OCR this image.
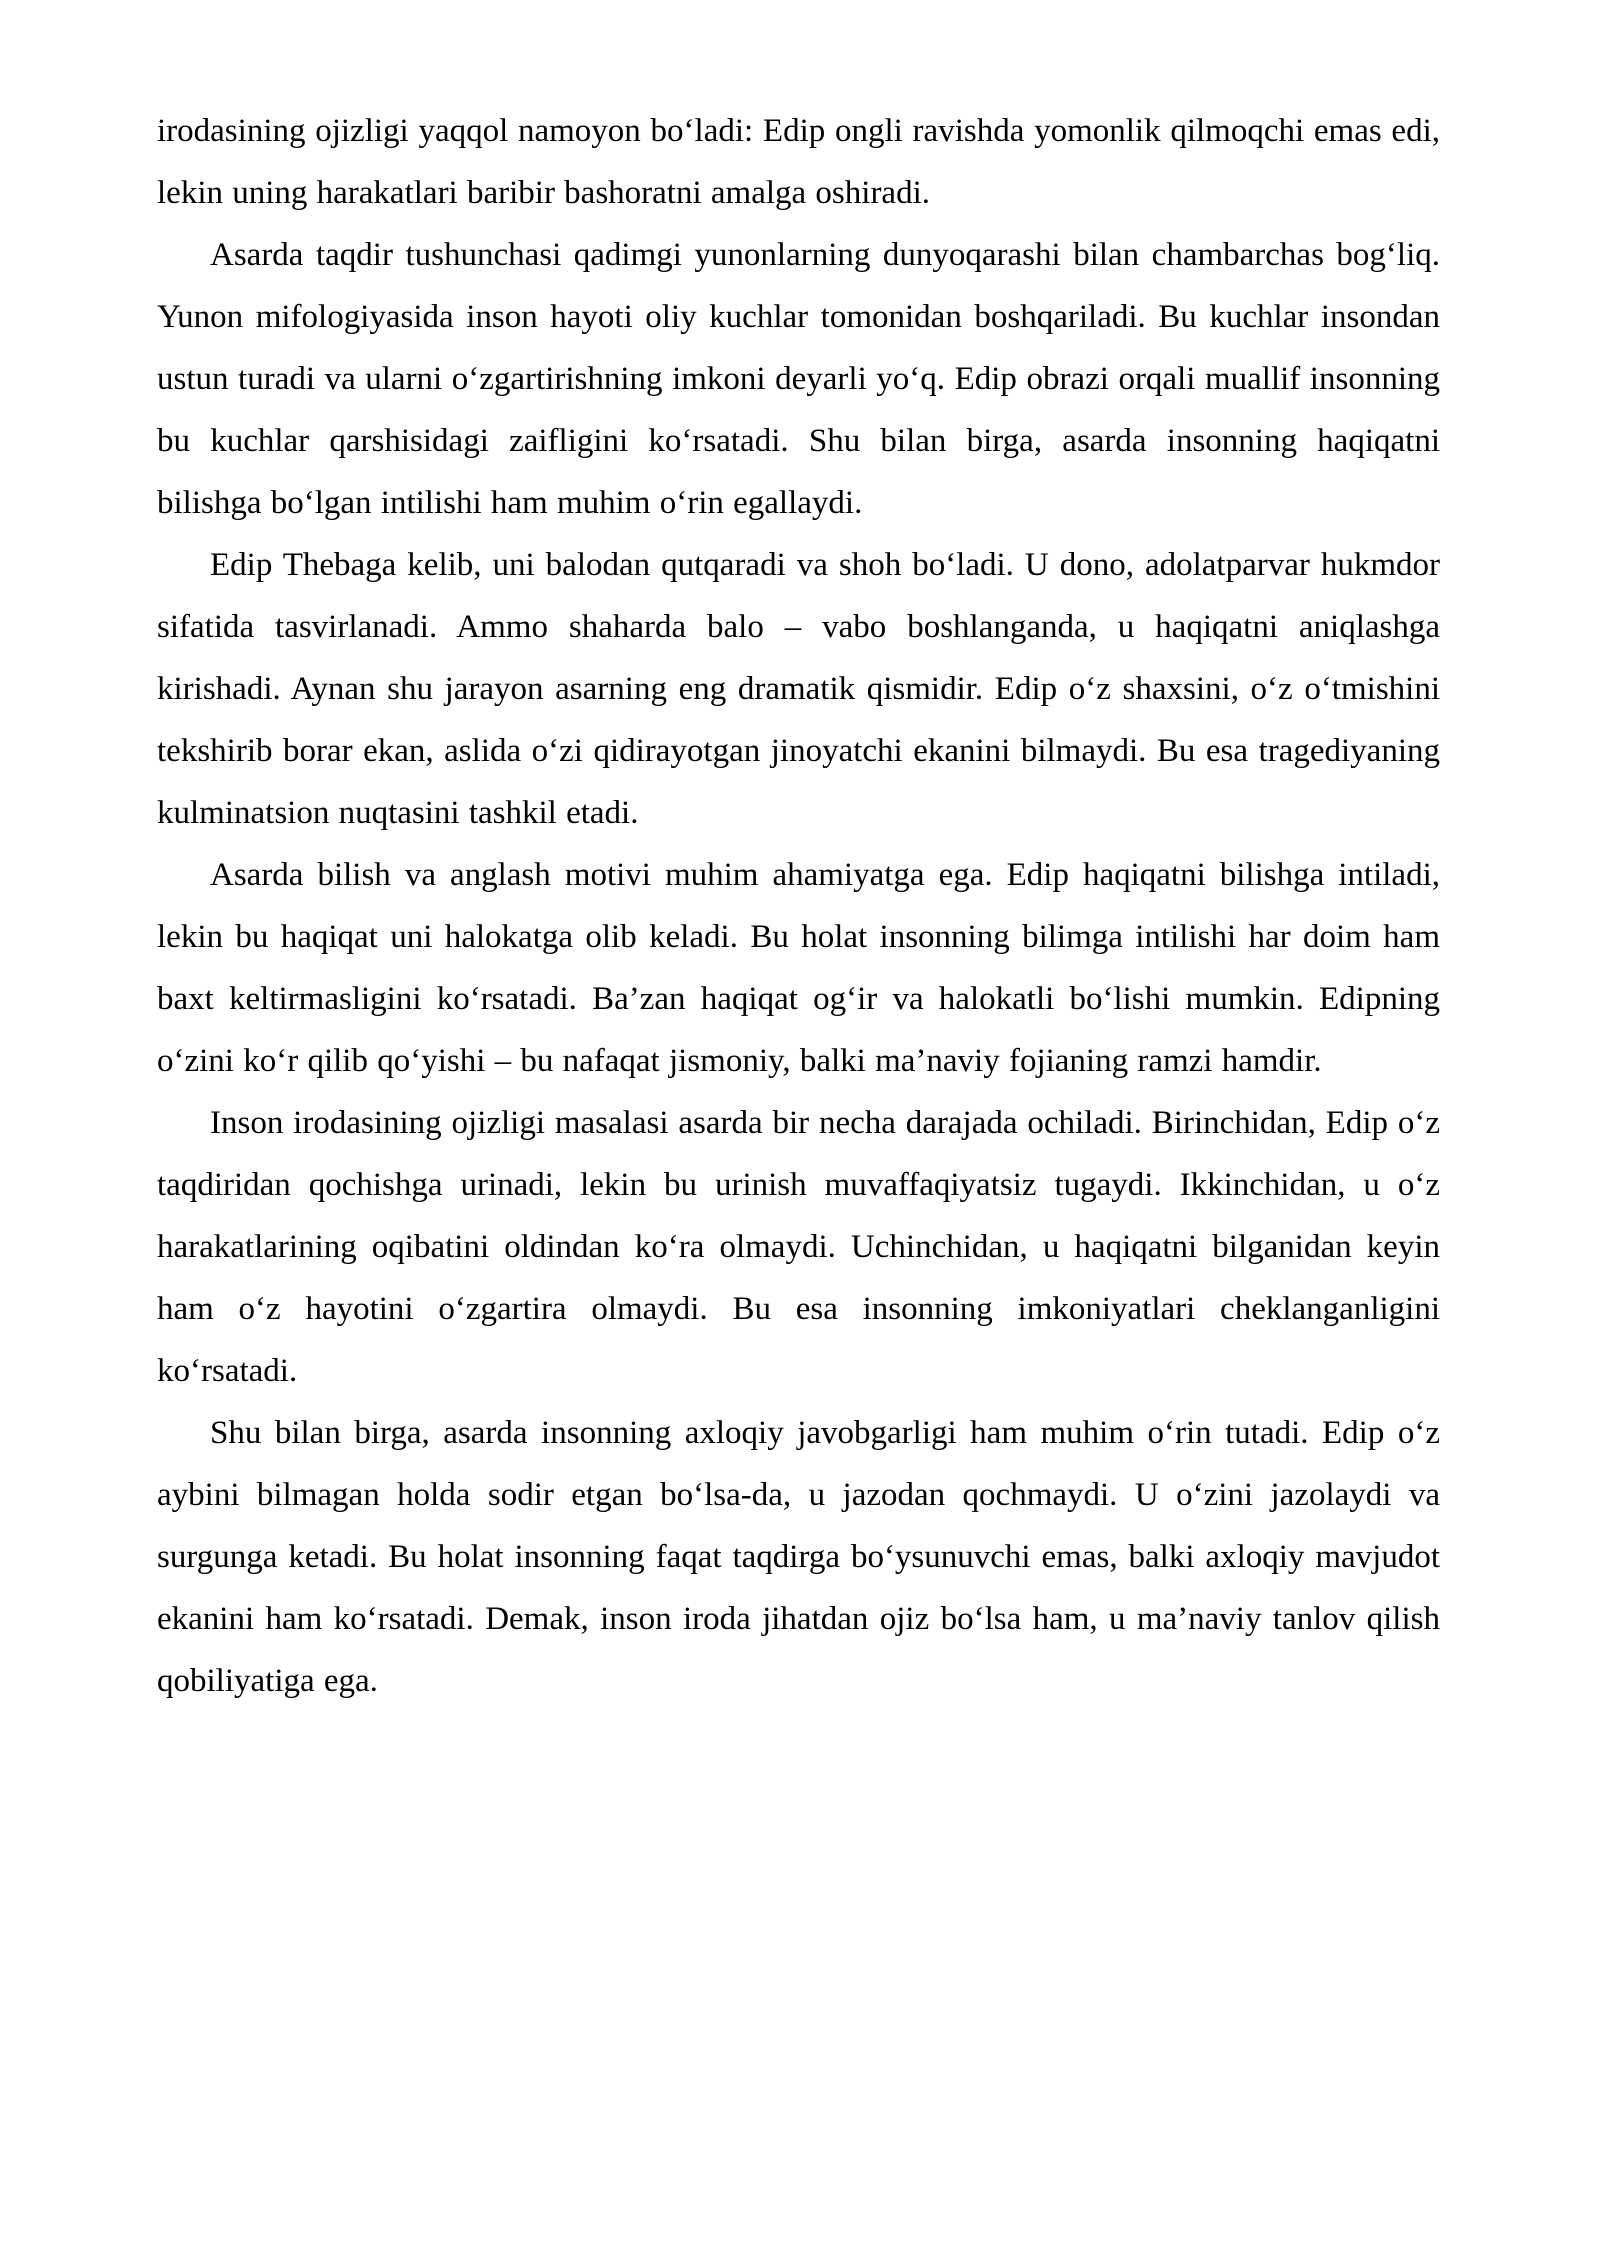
irodasining ojizligi yaqqol namoyon boʻladi: Edip ongli ravishda yomonlik qilmoqchi emas edi, lekin uning harakatlari baribir bashoratni amalga oshiradi.

Asarda taqdir tushunchasi qadimgi yunonlarning dunyoqarashi bilan chambarchas bogʻliq. Yunon mifologiyasida inson hayoti oliy kuchlar tomonidan boshqariladi. Bu kuchlar insondan ustun turadi va ularni oʻzgartirishning imkoni deyarli yoʻq. Edip obrazi orqali muallif insonning bu kuchlar qarshisidagi zaifligini koʻrsatadi. Shu bilan birga, asarda insonning haqiqatni bilishga boʻlgan intilishi ham muhim oʻrin egallaydi.

Edip Thebaga kelib, uni balodan qutqaradi va shoh boʻladi. U dono, adolatparvar hukmdor sifatida tasvirlanadi. Ammo shaharda balo – vabo boshlanganda, u haqiqatni aniqlashga kirishadi. Aynan shu jarayon asarning eng dramatik qismidir. Edip oʻz shaxsini, oʻz oʻtmishini tekshirib borar ekan, aslida oʻzi qidirayotgan jinoyatchi ekanini bilmaydi. Bu esa tragediyaning kulminatsion nuqtasini tashkil etadi.

Asarda bilish va anglash motivi muhim ahamiyatga ega. Edip haqiqatni bilishga intiladi, lekin bu haqiqat uni halokatga olib keladi. Bu holat insonning bilimga intilishi har doim ham baxt keltirmasligini koʻrsatadi. Ba’zan haqiqat ogʻir va halokatli boʻlishi mumkin. Edipning oʻzini koʻr qilib qoʻyishi – bu nafaqat jismoniy, balki ma’naviy fojianing ramzi hamdir.

Inson irodasining ojizligi masalasi asarda bir necha darajada ochiladi. Birinchidan, Edip oʻz taqdiridan qochishga urinadi, lekin bu urinish muvaffaqiyatsiz tugaydi. Ikkinchidan, u oʻz harakatlarining oqibatini oldindan koʻra olmaydi. Uchinchidan, u haqiqatni bilganidan keyin ham oʻz hayotini oʻzgartira olmaydi. Bu esa insonning imkoniyatlari cheklanganligini koʻrsatadi.

Shu bilan birga, asarda insonning axloqiy javobgarligi ham muhim oʻrin tutadi. Edip oʻz aybini bilmagan holda sodir etgan boʻlsa-da, u jazodan qochmaydi. U oʻzini jazolaydi va surgunga ketadi. Bu holat insonning faqat taqdirga boʻysunuvchi emas, balki axloqiy mavjudot ekanini ham koʻrsatadi. Demak, inson iroda jihatdan ojiz boʻlsa ham, u ma’naviy tanlov qilish qobiliyatiga ega.
